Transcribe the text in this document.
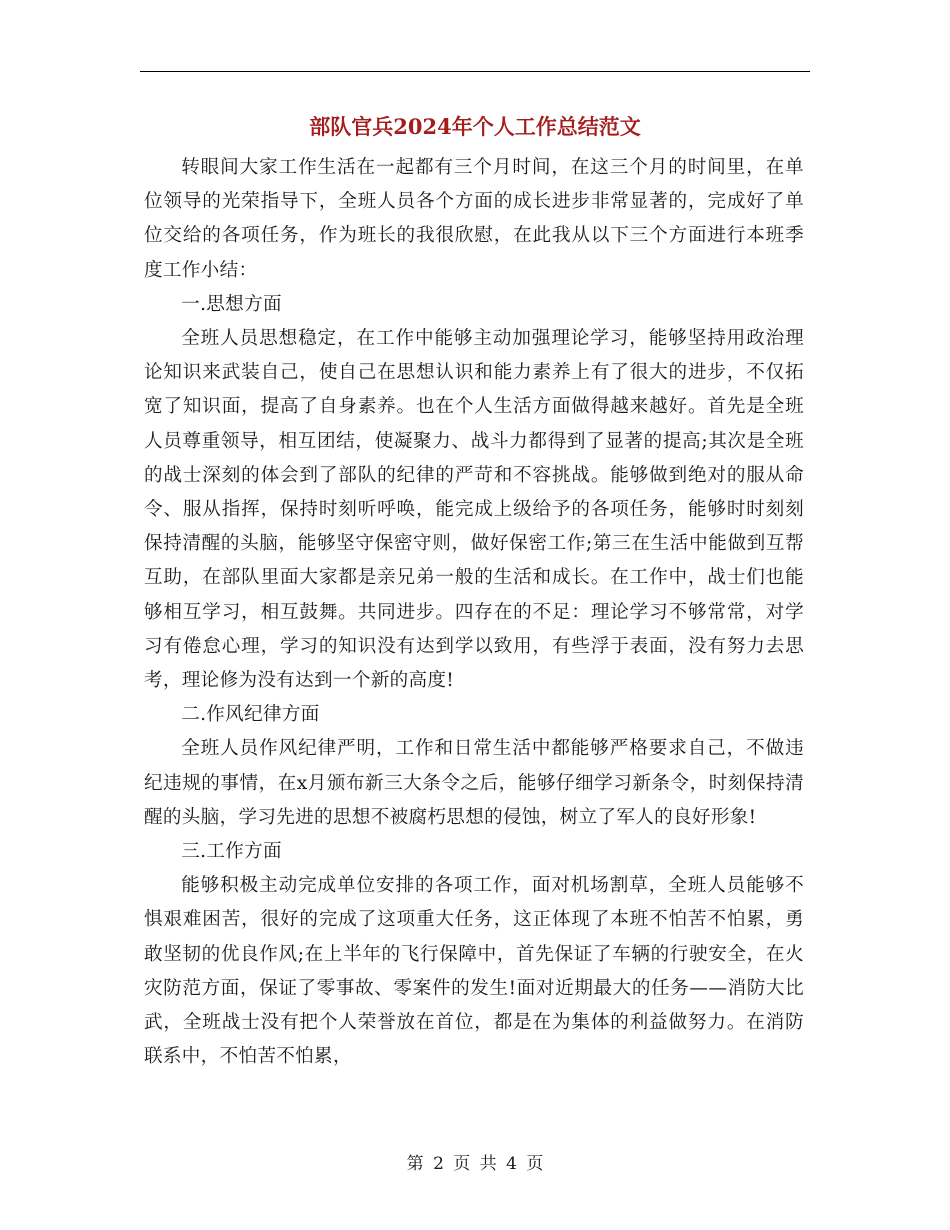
部队官兵2024年个人工作总结范文

转眼间大家工作生活在一起都有三个月时间，在这三个月的时间里，在单位领导的光荣指导下，全班人员各个方面的成长进步非常显著的，完成好了单位交给的各项任务，作为班长的我很欣慰，在此我从以下三个方面进行本班季度工作小结：

一.思想方面

全班人员思想稳定，在工作中能够主动加强理论学习，能够坚持用政治理论知识来武装自己，使自己在思想认识和能力素养上有了很大的进步，不仅拓宽了知识面，提高了自身素养。也在个人生活方面做得越来越好。首先是全班人员尊重领导，相互团结，使凝聚力、战斗力都得到了显著的提高;其次是全班的战士深刻的体会到了部队的纪律的严苛和不容挑战。能够做到绝对的服从命令、服从指挥，保持时刻听呼唤，能完成上级给予的各项任务，能够时时刻刻保持清醒的头脑，能够坚守保密守则，做好保密工作;第三在生活中能做到互帮互助，在部队里面大家都是亲兄弟一般的生活和成长。在工作中，战士们也能够相互学习，相互鼓舞。共同进步。四存在的不足：理论学习不够常常，对学习有倦怠心理，学习的知识没有达到学以致用，有些浮于表面，没有努力去思考，理论修为没有达到一个新的高度!

二.作风纪律方面

全班人员作风纪律严明，工作和日常生活中都能够严格要求自己，不做违纪违规的事情，在x月颁布新三大条令之后，能够仔细学习新条令，时刻保持清醒的头脑，学习先进的思想不被腐朽思想的侵蚀，树立了军人的良好形象!

三.工作方面

能够积极主动完成单位安排的各项工作，面对机场割草，全班人员能够不惧艰难困苦，很好的完成了这项重大任务，这正体现了本班不怕苦不怕累，勇敢坚韧的优良作风;在上半年的飞行保障中，首先保证了车辆的行驶安全，在火灾防范方面，保证了零事故、零案件的发生!面对近期最大的任务——消防大比武，全班战士没有把个人荣誉放在首位，都是在为集体的利益做努力。在消防联系中，不怕苦不怕累，

第 2 页 共 4 页
